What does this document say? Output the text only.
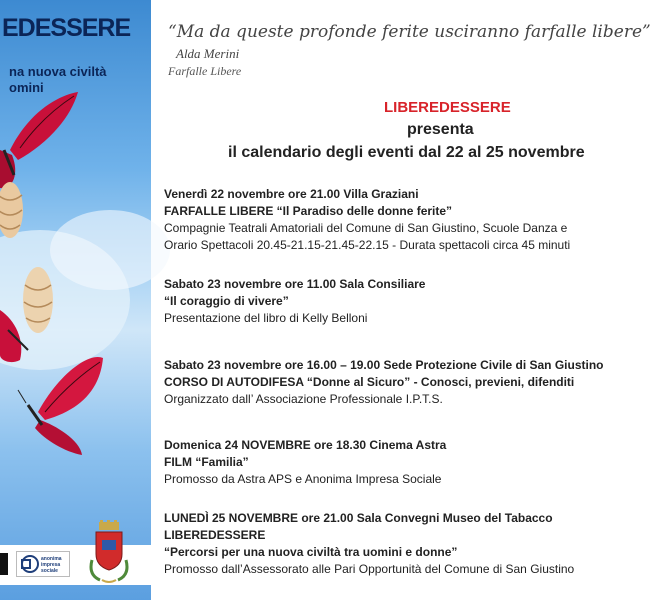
EDESSERE
na nuova civiltà
omini
anonima impresa sociale

“Ma da queste profonde ferite usciranno farfalle libere”

Alda Merini
Farfalle Libere
LIBEREDESSERE
presenta
il calendario degli eventi dal 22 al 25 novembre
Venerdì 22 novembre ore 21.00 Villa Graziani
FARFALLE LIBERE “Il Paradiso delle donne ferite”
Compagnie Teatrali Amatoriali del Comune di San Giustino, Scuole Danza e
Orario Spettacoli 20.45-21.15-21.45-22.15 - Durata spettacoli circa 45 minuti
Sabato 23 novembre ore 11.00 Sala Consiliare
“Il coraggio di vivere”
Presentazione del libro di Kelly Belloni
Sabato 23 novembre ore 16.00 – 19.00 Sede Protezione Civile di San Giustino
CORSO DI AUTODIFESA “Donne al Sicuro” - Conosci, previeni, difenditi
Organizzato dall’ Associazione Professionale I.P.T.S.
Domenica 24 NOVEMBRE ore 18.30 Cinema Astra
FILM “Familia”
Promosso da Astra APS e Anonima Impresa Sociale
LUNEDÌ 25 NOVEMBRE ore 21.00 Sala Convegni Museo del Tabacco
LIBEREDESSERE
“Percorsi per una nuova civiltà tra uomini e donne”
Promosso dall’Assessorato alle Pari Opportunità del Comune di San Giustino
